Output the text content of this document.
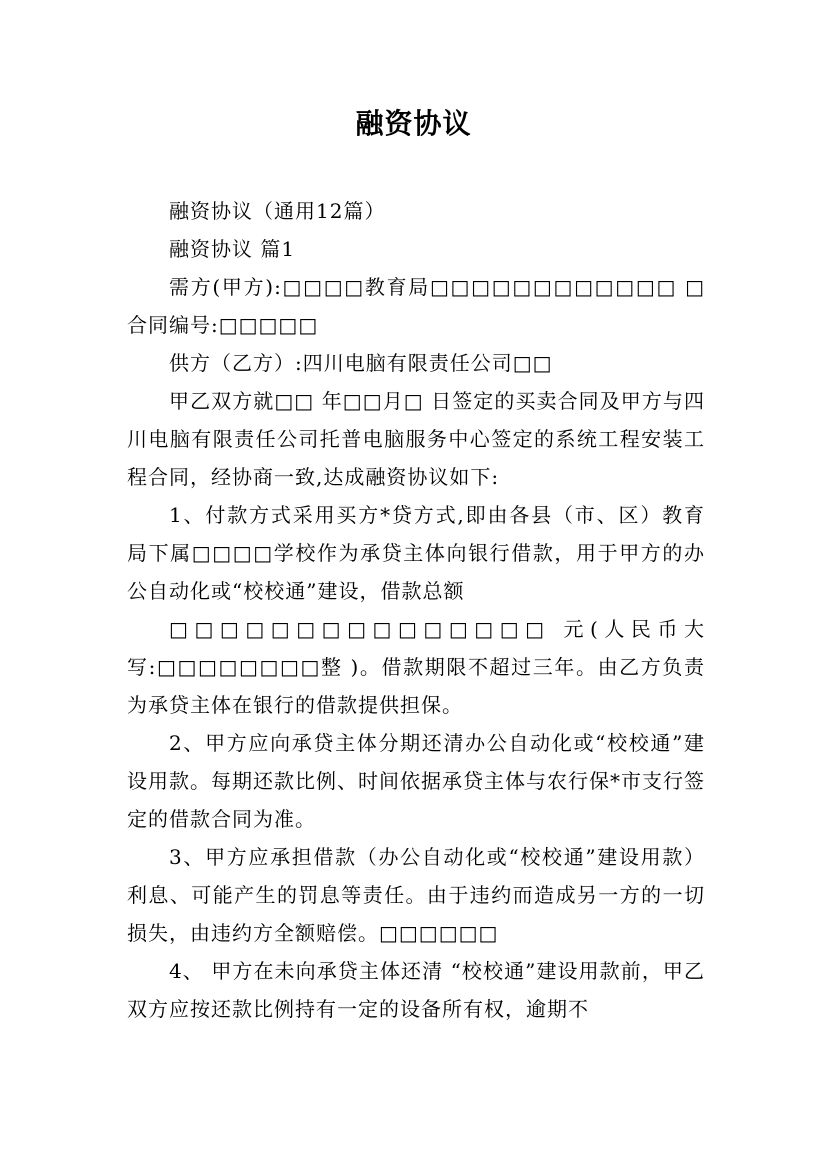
融资协议

融资协议（通用12篇）

融资协议 篇1

需方(甲方):□□□□教育局□□□□□□□□□□□□ □ 合同编号:□□□□□

供方（乙方）:四川电脑有限责任公司□□

甲乙双方就□□ 年□□月□ 日签定的买卖合同及甲方与四川电脑有限责任公司托普电脑服务中心签定的系统工程安装工程合同，经协商一致,达成融资协议如下:

1、付款方式采用买方*贷方式,即由各县（市、区）教育局下属□□□□学校作为承贷主体向银行借款，用于甲方的办公自动化或“校校通”建设，借款总额

□□□□□□□□□□□□□□□ 元(人民币大写:□□□□□□□□整 )。借款期限不超过三年。由乙方负责为承贷主体在银行的借款提供担保。

2、甲方应向承贷主体分期还清办公自动化或“校校通”建设用款。每期还款比例、时间依据承贷主体与农行保*市支行签定的借款合同为准。

3、甲方应承担借款（办公自动化或“校校通”建设用款）利息、可能产生的罚息等责任。由于违约而造成另一方的一切损失，由违约方全额赔偿。□□□□□□

4、 甲方在未向承贷主体还清 “校校通”建设用款前，甲乙双方应按还款比例持有一定的设备所有权，逾期不
